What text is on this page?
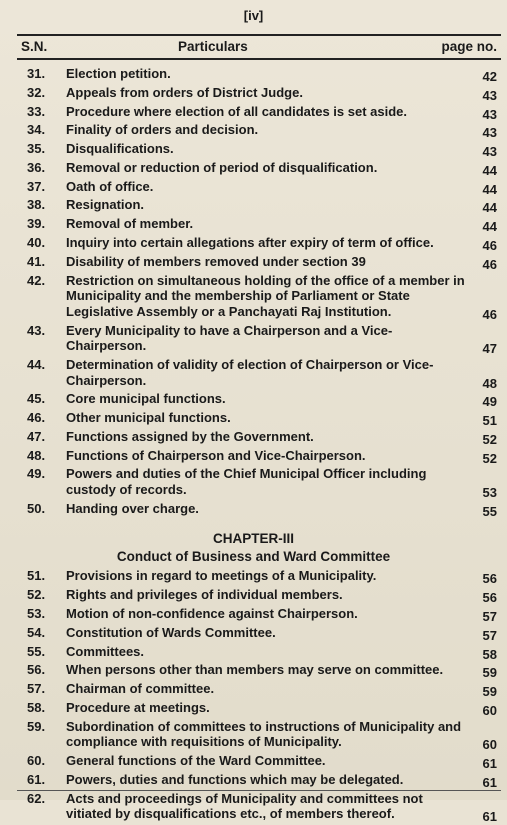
[iv]
S.N.	Particulars	page no.
31. Election petition.	42
32. Appeals from orders of District Judge.	43
33. Procedure where election of all candidates is set aside.	43
34. Finality of orders and decision.	43
35. Disqualifications.	43
36. Removal or reduction of period of disqualification.	44
37. Oath of office.	44
38. Resignation.	44
39. Removal of member.	44
40. Inquiry into certain allegations after expiry of term of office.	46
41. Disability of members removed under section 39	46
42. Restriction on simultaneous holding of the office of a member in Municipality and the membership of Parliament or State Legislative Assembly or a Panchayati Raj Institution.	46
43. Every Municipality to have a Chairperson and a Vice-Chairperson.	47
44. Determination of validity of election of Chairperson or Vice-Chairperson.	48
45. Core municipal functions.	49
46. Other municipal functions.	51
47. Functions assigned by the Government.	52
48. Functions of Chairperson and Vice-Chairperson.	52
49. Powers and duties of the Chief Municipal Officer including custody of records.	53
50. Handing over charge.	55
CHAPTER-III
Conduct of Business and Ward Committee
51. Provisions in regard to meetings of a Municipality.	56
52. Rights and privileges of individual members.	56
53. Motion of non-confidence against Chairperson.	57
54. Constitution of Wards Committee.	57
55. Committees.	58
56. When persons other than members may serve on committee.	59
57. Chairman of committee.	59
58. Procedure at meetings.	60
59. Subordination of committees to instructions of Municipality and compliance with requisitions of Municipality.	60
60. General functions of the Ward Committee.	61
61. Powers, duties and functions which may be delegated.	61
62. Acts and proceedings of Municipality and committees not vitiated by disqualifications etc., of members thereof.	61
